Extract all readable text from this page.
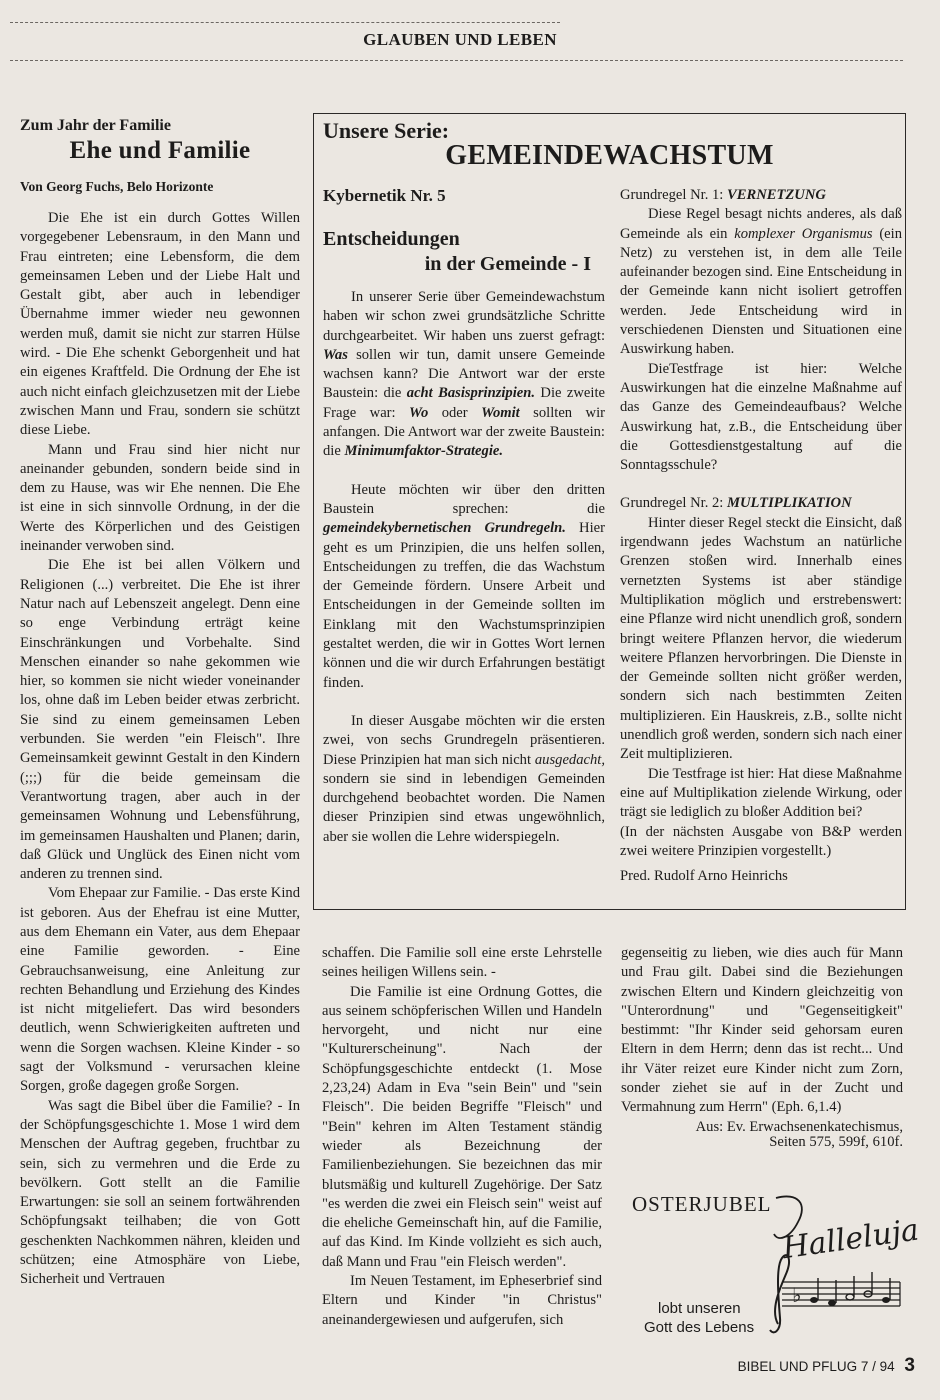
GLAUBEN UND LEBEN
Zum Jahr der Familie
Ehe und Familie
Von Georg Fuchs, Belo Horizonte

Die Ehe ist ein durch Gottes Willen vorgegebener Lebensraum, in den Mann und Frau eintreten; eine Lebensform, die dem gemeinsamen Leben und der Liebe Halt und Gestalt gibt, aber auch in lebendiger Übernahme immer wieder neu gewonnen werden muß, damit sie nicht zur starren Hülse wird. - Die Ehe schenkt Geborgenheit und hat ein eigenes Kraftfeld. Die Ordnung der Ehe ist auch nicht einfach gleichzusetzen mit der Liebe zwischen Mann und Frau, sondern sie schützt diese Liebe.

Mann und Frau sind hier nicht nur aneinander gebunden, sondern beide sind in dem zu Hause, was wir Ehe nennen. Die Ehe ist eine in sich sinnvolle Ordnung, in der die Werte des Körperlichen und des Geistigen ineinander verwoben sind.

Die Ehe ist bei allen Völkern und Religionen (...) verbreitet. Die Ehe ist ihrer Natur nach auf Lebenszeit angelegt. Denn eine so enge Verbindung erträgt keine Einschränkungen und Vorbehalte. Sind Menschen einander so nahe gekommen wie hier, so kommen sie nicht wieder voneinander los, ohne daß im Leben beider etwas zerbricht. Sie sind zu einem gemeinsamen Leben verbunden. Sie werden "ein Fleisch". Ihre Gemeinsamkeit gewinnt Gestalt in den Kindern (;;;) für die beide gemeinsam die Verantwortung tragen, aber auch in der gemeinsamen Wohnung und Lebensführung, im gemeinsamen Haushalten und Planen; darin, daß Glück und Unglück des Einen nicht vom anderen zu trennen sind.

Vom Ehepaar zur Familie. - Das erste Kind ist geboren. Aus der Ehefrau ist eine Mutter, aus dem Ehemann ein Vater, aus dem Ehepaar eine Familie geworden. - Eine Gebrauchsanweisung, eine Anleitung zur rechten Behandlung und Erziehung des Kindes ist nicht mitgeliefert. Das wird besonders deutlich, wenn Schwierigkeiten auftreten und wenn die Sorgen wachsen. Kleine Kinder - so sagt der Volksmund - verursachen kleine Sorgen, große dagegen große Sorgen.

Was sagt die Bibel über die Familie? - In der Schöpfungsgeschichte 1. Mose 1 wird dem Menschen der Auftrag gegeben, fruchtbar zu sein, sich zu vermehren und die Erde zu bevölkern. Gott stellt an die Familie Erwartungen: sie soll an seinem fortwährenden Schöpfungsakt teilhaben; die von Gott geschenkten Nachkommen nähren, kleiden und schützen; eine Atmosphäre von Liebe, Sicherheit und Vertrauen

Unsere Serie:
GEMEINDEWACHSTUM
Kybernetik Nr. 5
Entscheidungen
in der Gemeinde - I

In unserer Serie über Gemeindewachstum haben wir schon zwei grundsätzliche Schritte durchgearbeitet. Wir haben uns zuerst gefragt: Was sollen wir tun, damit unsere Gemeinde wachsen kann? Die Antwort war der erste Baustein: die acht Basisprinzipien. Die zweite Frage war: Wo oder Womit sollten wir anfangen. Die Antwort war der zweite Baustein: die Minimumfaktor-Strategie.

Heute möchten wir über den dritten Baustein sprechen: die gemeindekybernetischen Grundregeln. Hier geht es um Prinzipien, die uns helfen sollen, Entscheidungen zu treffen, die das Wachstum der Gemeinde fördern. Unsere Arbeit und Entscheidungen in der Gemeinde sollten im Einklang mit den Wachstumsprinzipien gestaltet werden, die wir in Gottes Wort lernen können und die wir durch Erfahrungen bestätigt finden.

In dieser Ausgabe möchten wir die ersten zwei, von sechs Grundregeln präsentieren. Diese Prinzipien hat man sich nicht ausgedacht, sondern sie sind in lebendigen Gemeinden durchgehend beobachtet worden. Die Namen dieser Prinzipien sind etwas ungewöhnlich, aber sie wollen die Lehre widerspiegeln.

Grundregel Nr. 1: VERNETZUNG

Diese Regel besagt nichts anderes, als daß Gemeinde als ein komplexer Organismus (ein Netz) zu verstehen ist, in dem alle Teile aufeinander bezogen sind. Eine Entscheidung in der Gemeinde kann nicht isoliert getroffen werden. Jede Entscheidung wird in verschiedenen Diensten und Situationen eine Auswirkung haben.

DieTestfrage ist hier: Welche Auswirkungen hat die einzelne Maßnahme auf das Ganze des Gemeindeaufbaus? Welche Auswirkung hat, z.B., die Entscheidung über die Gottesdienstgestaltung auf die Sonntagsschule?

Grundregel Nr. 2: MULTIPLIKATION

Hinter dieser Regel steckt die Einsicht, daß irgendwann jedes Wachstum an natürliche Grenzen stoßen wird. Innerhalb eines vernetzten Systems ist aber ständige Multiplikation möglich und erstrebenswert: eine Pflanze wird nicht unendlich groß, sondern bringt weitere Pflanzen hervor, die wiederum weitere Pflanzen hervorbringen. Die Dienste in der Gemeinde sollten nicht größer werden, sondern sich nach bestimmten Zeiten multiplizieren. Ein Hauskreis, z.B., sollte nicht unendlich groß werden, sondern sich nach einer Zeit multiplizieren.

Die Testfrage ist hier: Hat diese Maßnahme eine auf Multiplikation zielende Wirkung, oder trägt sie lediglich zu bloßer Addition bei?

(In der nächsten Ausgabe von B&P werden zwei weitere Prinzipien vorgestellt.)

Pred. Rudolf Arno Heinrichs

schaffen. Die Familie soll eine erste Lehrstelle seines heiligen Willens sein. -

Die Familie ist eine Ordnung Gottes, die aus seinem schöpferischen Willen und Handeln hervorgeht, und nicht nur eine "Kulturerscheinung". Nach der Schöpfungsgeschichte entdeckt (1. Mose 2,23,24) Adam in Eva "sein Bein" und "sein Fleisch". Die beiden Begriffe "Fleisch" und "Bein" kehren im Alten Testament ständig wieder als Bezeichnung der Familienbeziehungen. Sie bezeichnen das mir blutsmäßig und kulturell Zugehörige. Der Satz "es werden die zwei ein Fleisch sein" weist auf die eheliche Gemeinschaft hin, auf die Familie, auf das Kind. Im Kinde vollzieht es sich auch, daß Mann und Frau "ein Fleisch werden".

Im Neuen Testament, im Epheserbrief sind Eltern und Kinder "in Christus" aneinandergewiesen und aufgerufen, sich

gegenseitig zu lieben, wie dies auch für Mann und Frau gilt. Dabei sind die Beziehungen zwischen Eltern und Kindern gleichzeitig von "Unterordnung" und "Gegenseitigkeit" bestimmt: "Ihr Kinder seid gehorsam euren Eltern in dem Herrn; denn das ist recht... Und ihr Väter reizet eure Kinder nicht zum Zorn, sonder ziehet sie auf in der Zucht und Vermahnung zum Herrn" (Eph. 6,1.4)

Aus: Ev. Erwachsenenkatechismus,
Seiten 575, 599f, 610f.

OSTERJUBEL
♭
Halleluja
lobt unseren
Gott des Lebens
BIBEL UND PFLUG 7 / 94 3
